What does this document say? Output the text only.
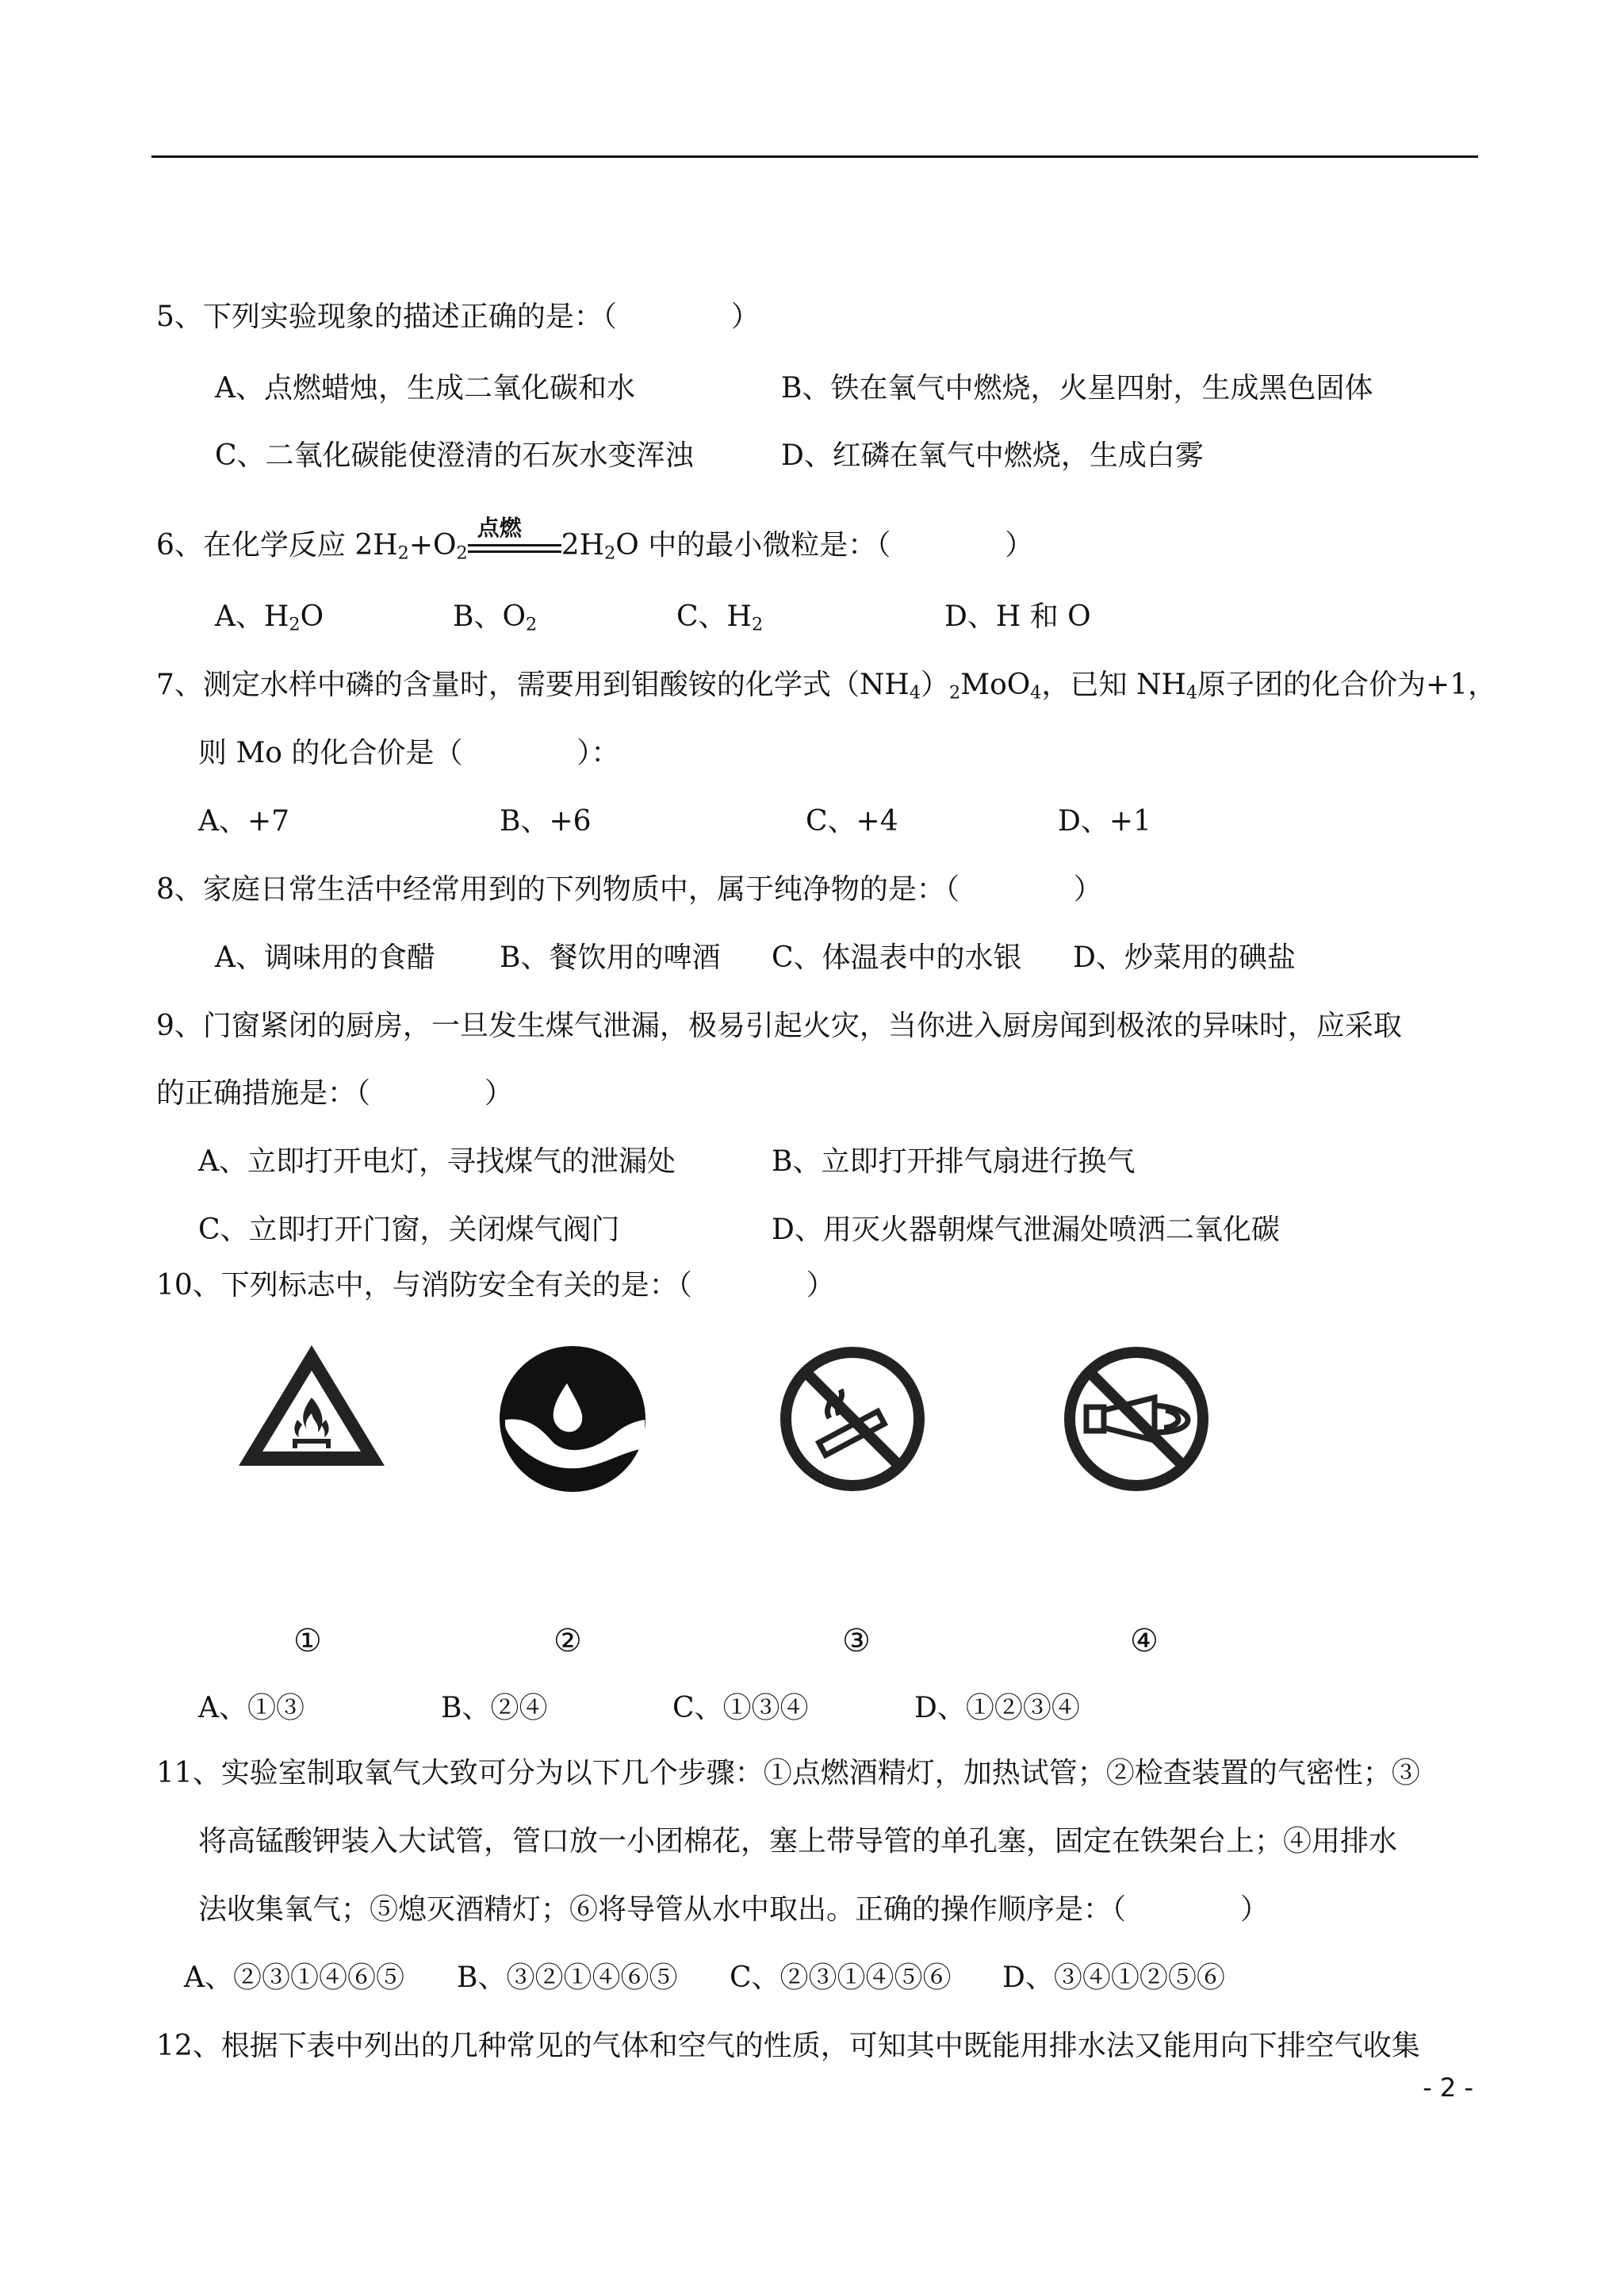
5、下列实验现象的描述正确的是：（　　　　）
A、点燃蜡烛，生成二氧化碳和水	B、铁在氧气中燃烧，火星四射，生成黑色固体
C、二氧化碳能使澄清的石灰水变浑浊	D、红磷在氧气中燃烧，生成白雾
6、在化学反应 $2H_2+O_2$
点燃
$2H_2O$ 中的最小微粒是：（　　　　）
A、$H_2O$	B、$O_2$	C、$H_2$	D、H 和 O
7、测定水样中磷的含量时，需要用到钼酸铵的化学式$(NH_4)_2MoO_4$，已知 $NH_4$原子团的化合价为+1，
则 Mo 的化合价是（　　　　）：
A、+7	B、+6	C、+4	D、+1
8、家庭日常生活中经常用到的下列物质中，属于纯净物的是：（　　　　）
A、调味用的食醋 B、餐饮用的啤酒 C、体温表中的水银 D、炒菜用的碘盐
9、门窗紧闭的厨房，一旦发生煤气泄漏，极易引起火灾，当你进入厨房闻到极浓的异味时，应采取
的正确措施是：（　　　　）
A、立即打开电灯，寻找煤气的泄漏处	B、立即打开排气扇进行换气
C、立即打开门窗，关闭煤气阀门	D、用灭火器朝煤气泄漏处喷洒二氧化碳
10、下列标志中，与消防安全有关的是：（　　　　）
①	②	③	④
A、①③	B、②④	C、①③④	D、①②③④
11、实验室制取氧气大致可分为以下几个步骤：①点燃酒精灯，加热试管；②检查装置的气密性；③
将高锰酸钾装入大试管，管口放一小团棉花，塞上带导管的单孔塞，固定在铁架台上；④用排水
法收集氧气；⑤熄灭酒精灯；⑥将导管从水中取出。正确的操作顺序是：（　　　　）
A、②③①④⑥⑤ B、③②①④⑥⑤ C、②③①④⑤⑥ D、③④①②⑤⑥
12、根据下表中列出的几种常见的气体和空气的性质，可知其中既能用排水法又能用向下排空气收集
- 2 -
